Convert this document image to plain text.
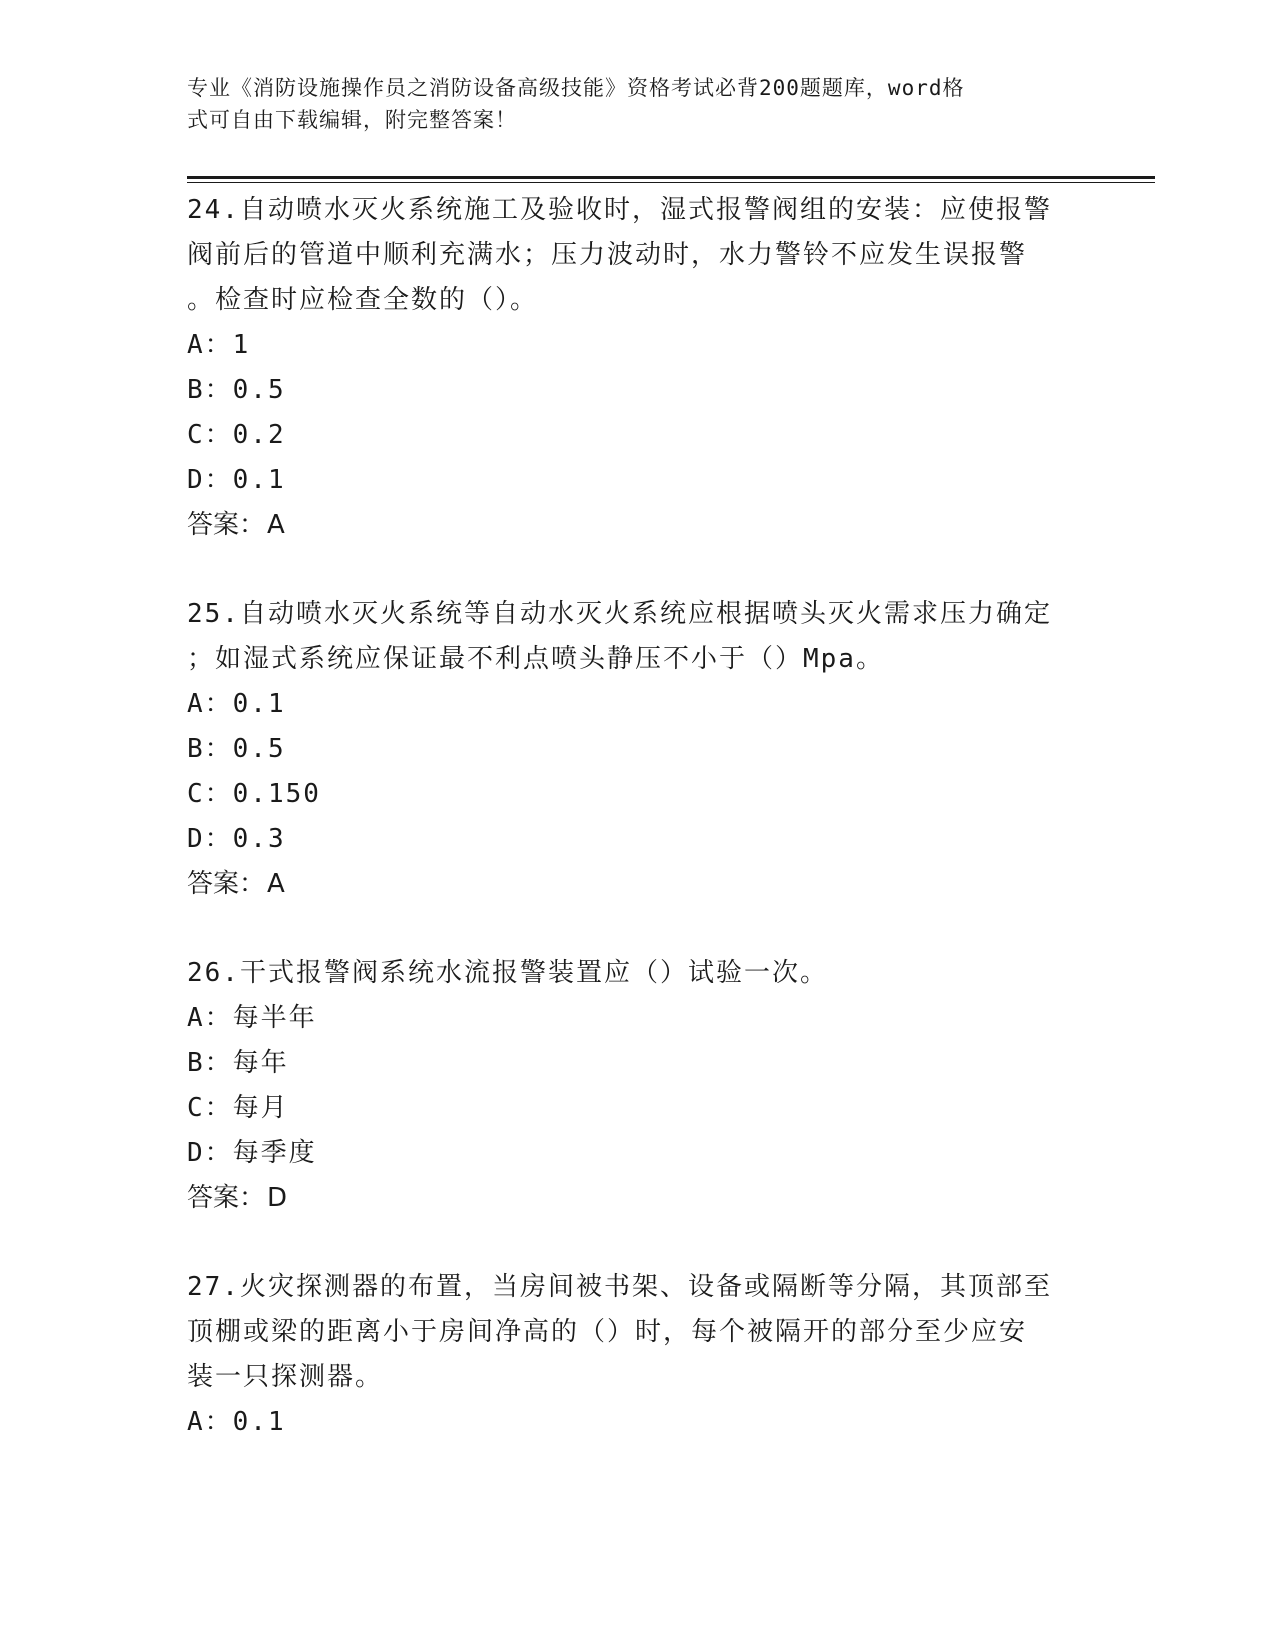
专业《消防设施操作员之消防设备高级技能》资格考试必背200题题库，word格
式可自由下载编辑，附完整答案！
24.自动喷水灭火系统施工及验收时，湿式报警阀组的安装：应使报警
阀前后的管道中顺利充满水；压力波动时，水力警铃不应发生误报警
。检查时应检查全数的（）。
A：1
B：0.5
C：0.2
D：0.1
答案：A
25.自动喷水灭火系统等自动水灭火系统应根据喷头灭火需求压力确定
；如湿式系统应保证最不利点喷头静压不小于（）Mpa。
A：0.1
B：0.5
C：0.150
D：0.3
答案：A
26.干式报警阀系统水流报警装置应（）试验一次。
A：每半年
B：每年
C：每月
D：每季度
答案：D
27.火灾探测器的布置，当房间被书架、设备或隔断等分隔，其顶部至
顶棚或梁的距离小于房间净高的（）时，每个被隔开的部分至少应安
装一只探测器。
A：0.1
